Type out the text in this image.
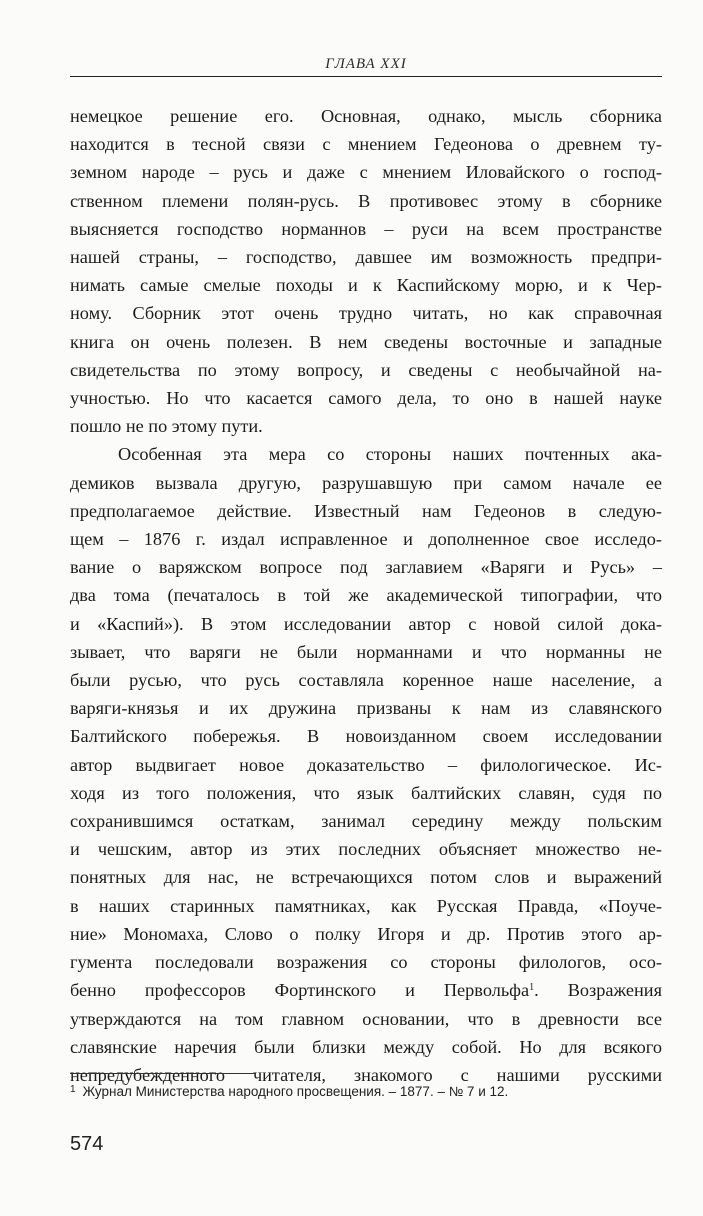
ГЛАВА XXI
немецкое решение его. Основная, однако, мысль сборника
находится в тесной связи с мнением Гедеонова о древнем ту-
земном народе – русь и даже с мнением Иловайского о господ-
ственном племени полян-русь. В противовес этому в сборнике
выясняется господство норманнов – руси на всем пространстве
нашей страны, – господство, давшее им возможность предпри-
нимать самые смелые походы и к Каспийскому морю, и к Чер-
ному. Сборник этот очень трудно читать, но как справочная
книга он очень полезен. В нем сведены восточные и западные
свидетельства по этому вопросу, и сведены с необычайной на-
учностью. Но что касается самого дела, то оно в нашей науке
пошло не по этому пути.
Особенная эта мера со стороны наших почтенных ака-
демиков вызвала другую, разрушавшую при самом начале ее
предполагаемое действие. Известный нам Гедеонов в следую-
щем – 1876 г. издал исправленное и дополненное свое исследо-
вание о варяжском вопросе под заглавием «Варяги и Русь» –
два тома (печаталось в той же академической типографии, что
и «Каспий»). В этом исследовании автор с новой силой дока-
зывает, что варяги не были норманнами и что норманны не
были русью, что русь составляла коренное наше население, а
варяги-князья и их дружина призваны к нам из славянского
Балтийского побережья. В новоизданном своем исследовании
автор выдвигает новое доказательство – филологическое. Ис-
ходя из того положения, что язык балтийских славян, судя по
сохранившимся остаткам, занимал середину между польским
и чешским, автор из этих последних объясняет множество не-
понятных для нас, не встречающихся потом слов и выражений
в наших старинных памятниках, как Русская Правда, «Поуче-
ние» Мономаха, Слово о полку Игоря и др. Против этого ар-
гумента последовали возражения со стороны филологов, осо-
бенно профессоров Фортинского и Первольфа$^1$. Возражения
утверждаются на том главном основании, что в древности все
славянские наречия были близки между собой. Но для всякого
непредубежденного читателя, знакомого с нашими русскими
$^1$ Журнал Министерства народного просвещения. – 1877. – № 7 и 12.
574
